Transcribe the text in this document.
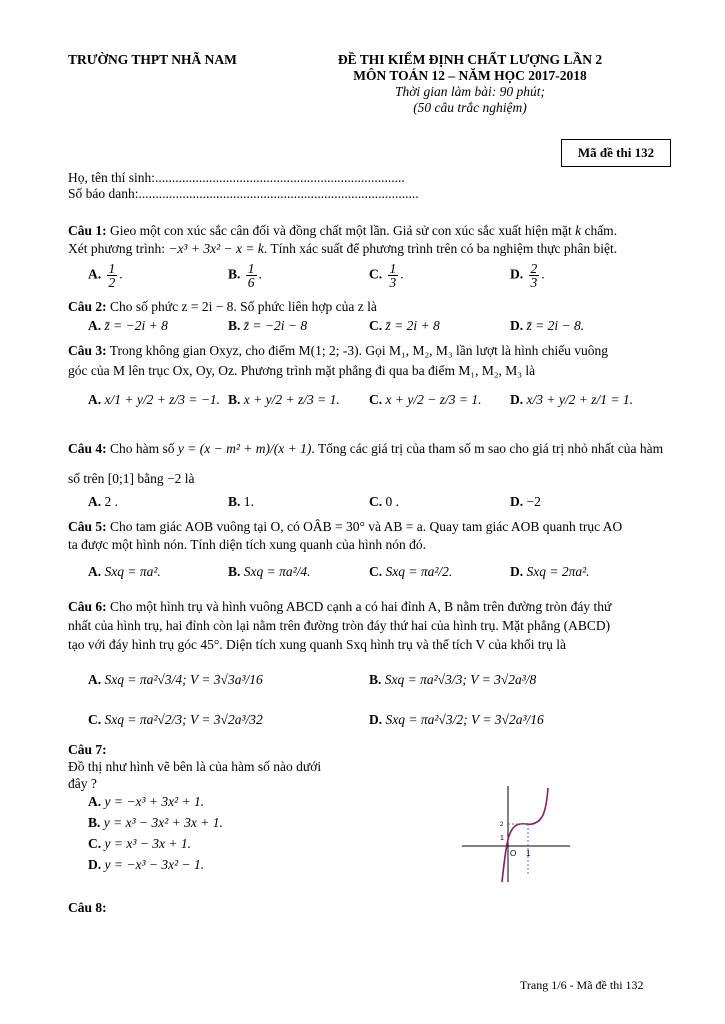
TRƯỜNG THPT NHÃ NAM	ĐỀ THI KIỂM ĐỊNH CHẤT LƯỢNG LẦN 2
MÔN TOÁN 12 – NĂM HỌC 2017-2018
Thời gian làm bài: 90 phút;
(50 câu trắc nghiệm)
Mã đề thi 132
Họ, tên thí sinh:..........................................................................
Số báo danh:...................................................................................
Câu 1: Gieo một con xúc sắc cân đối và đồng chất một lần. Giả sử con xúc sắc xuất hiện mặt k chấm.
Xét phương trình: −x³ + 3x² − x = k. Tính xác suất để phương trình trên có ba nghiệm thực phân biệt.
A. $\frac{1}{2}$ .	B. $\frac{1}{6}$ .	C. $\frac{1}{3}$ .	D. $\frac{2}{3}$ .
Câu 2: Cho số phức z = 2i − 8. Số phức liên hợp của z là
A. z̄ = −2i + 8	B. z̄ = −2i − 8	C. z̄ = 2i + 8	D. z̄ = 2i − 8.
Câu 3: Trong không gian Oxyz, cho điểm M(1; 2; -3). Gọi M₁, M₂, M₃ lần lượt là hình chiếu vuông
góc của M lên trục Ox, Oy, Oz. Phương trình mặt phẳng đi qua ba điểm M₁, M₂, M₃ là
A. x/1 + y/2 + z/3 = −1. B. x + y/2 + z/3 = 1. C. x + y/2 − z/3 = 1. D. x/3 + y/2 + z/1 = 1.
Câu 4: Cho hàm số y = (x − m² + m)/(x + 1). Tổng các giá trị của tham số m sao cho giá trị nhỏ nhất của hàm
số trên [0;1] bằng −2 là
A. 2 .	B. 1.	C. 0 .	D. −2
Câu 5: Cho tam giác AOB vuông tại O, có OÂB = 30° và AB = a. Quay tam giác AOB quanh trục AO
ta được một hình nón. Tính diện tích xung quanh của hình nón đó.
A. Sxq = πa².	B. Sxq = πa²/4.	C. Sxq = πa²/2.	D. Sxq = 2πa².
Câu 6: Cho một hình trụ và hình vuông ABCD cạnh a có hai đỉnh A, B nằm trên đường tròn đáy thứ
nhất của hình trụ, hai đỉnh còn lại nằm trên đường tròn đáy thứ hai của hình trụ. Mặt phẳng (ABCD)
tạo với đáy hình trụ góc 45°. Diện tích xung quanh Sxq hình trụ và thể tích V của khối trụ là
A. Sxq = πa²√3/4; V = 3√3a³/16	B. Sxq = πa²√3/3; V = 3√2a³/8
C. Sxq = πa²√2/3; V = 3√2a³/32	D. Sxq = πa²√3/2; V = 3√2a³/16
Câu 7:
Đồ thị như hình vẽ bên là của hàm số nào dưới
đây ?
A. y = −x³ + 3x² + 1.
B. y = x³ − 3x² + 3x + 1.
C. y = x³ − 3x + 1.
D. y = −x³ − 3x² − 1.
2
1
O 1
Câu 8:
Trang 1/6 - Mã đề thi 132
